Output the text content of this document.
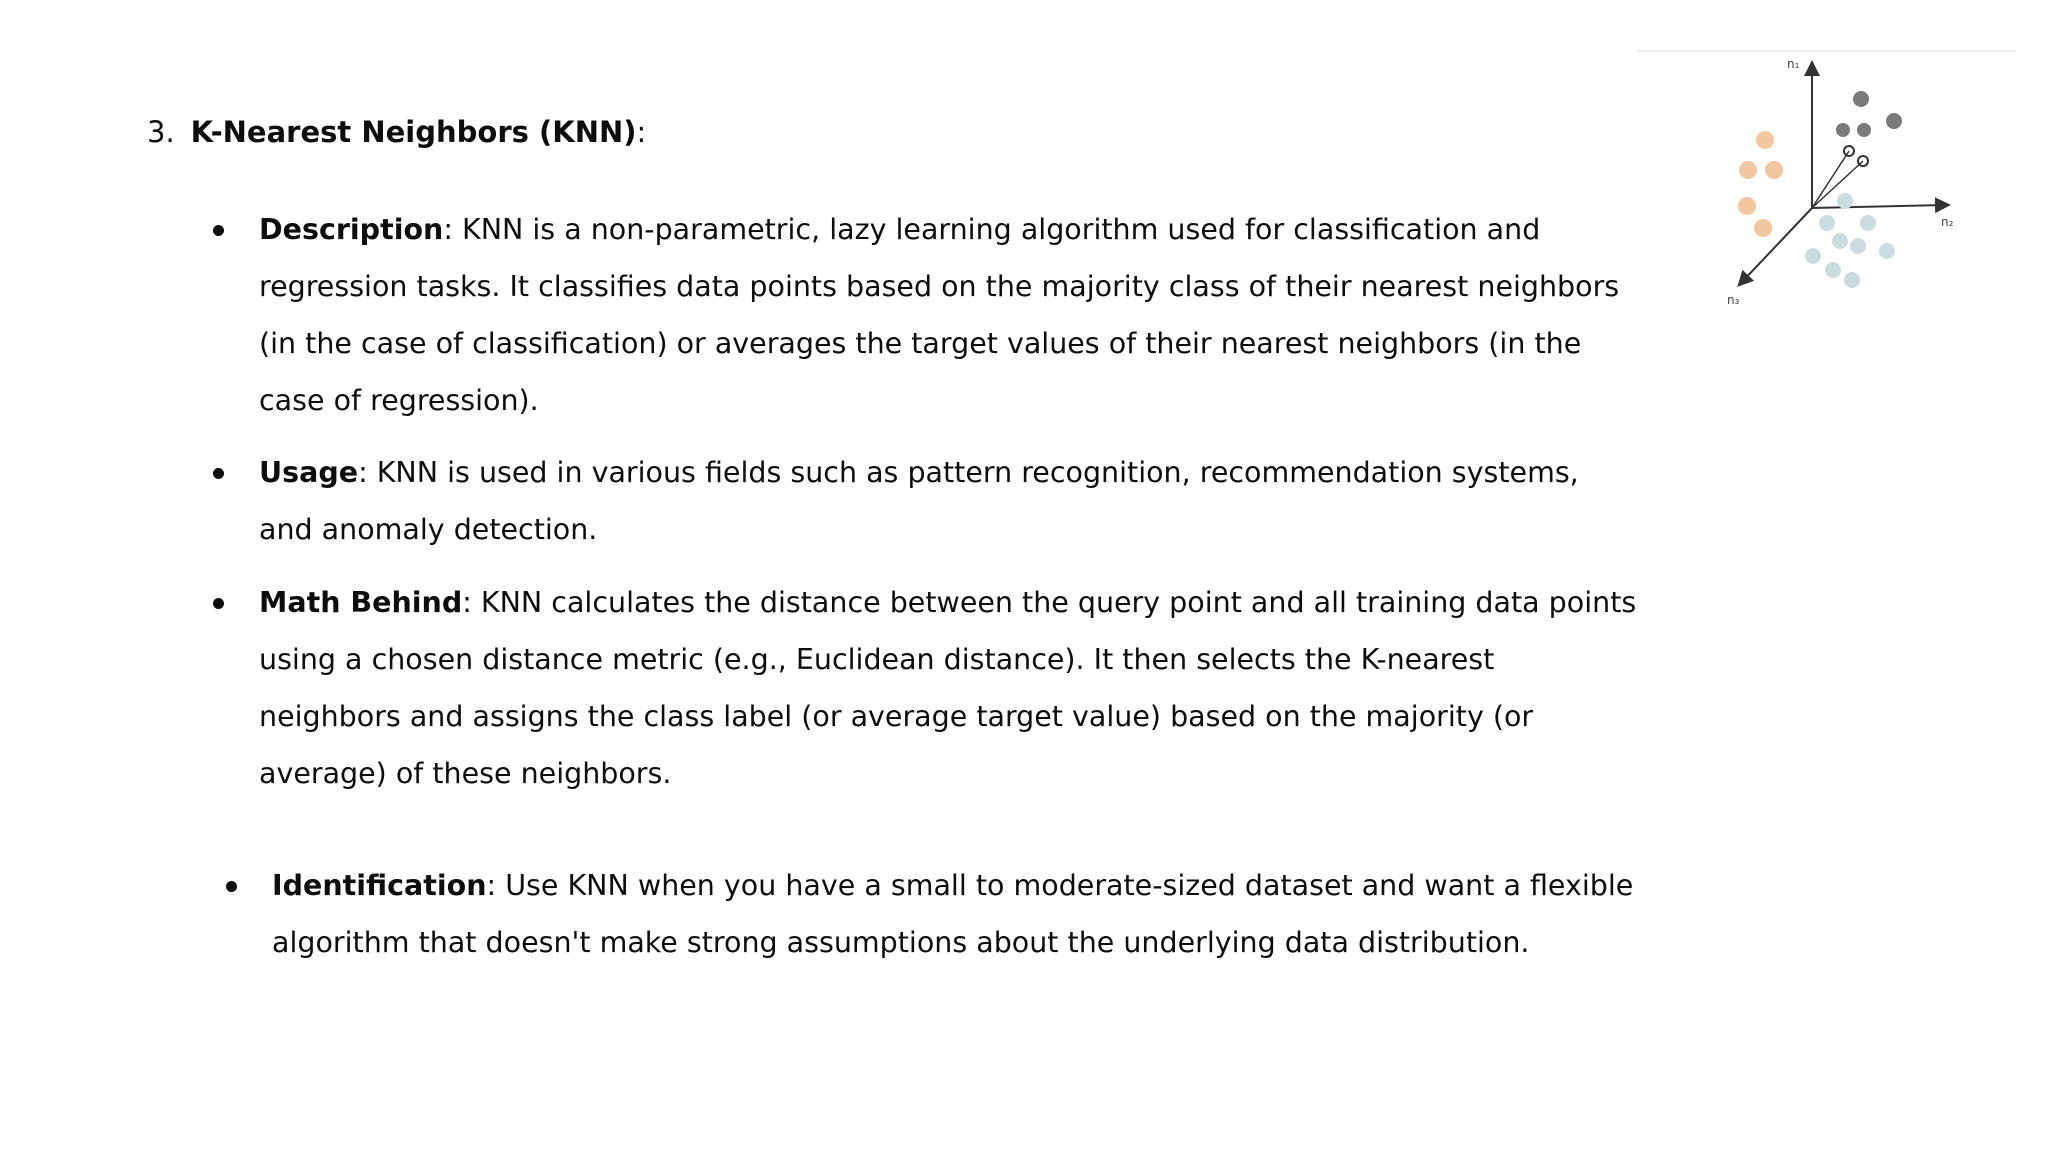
3. K-Nearest Neighbors (KNN):

Description: KNN is a non-parametric, lazy learning algorithm used for classification and regression tasks. It classifies data points based on the majority class of their nearest neighbors (in the case of classification) or averages the target values of their nearest neighbors (in the case of regression).

Usage: KNN is used in various fields such as pattern recognition, recommendation systems, and anomaly detection.

Math Behind: KNN calculates the distance between the query point and all training data points using a chosen distance metric (e.g., Euclidean distance). It then selects the K-nearest neighbors and assigns the class label (or average target value) based on the majority (or average) of these neighbors.

Identification: Use KNN when you have a small to moderate-sized dataset and want a flexible algorithm that doesn't make strong assumptions about the underlying data distribution.

n₁
n₂
n₃
